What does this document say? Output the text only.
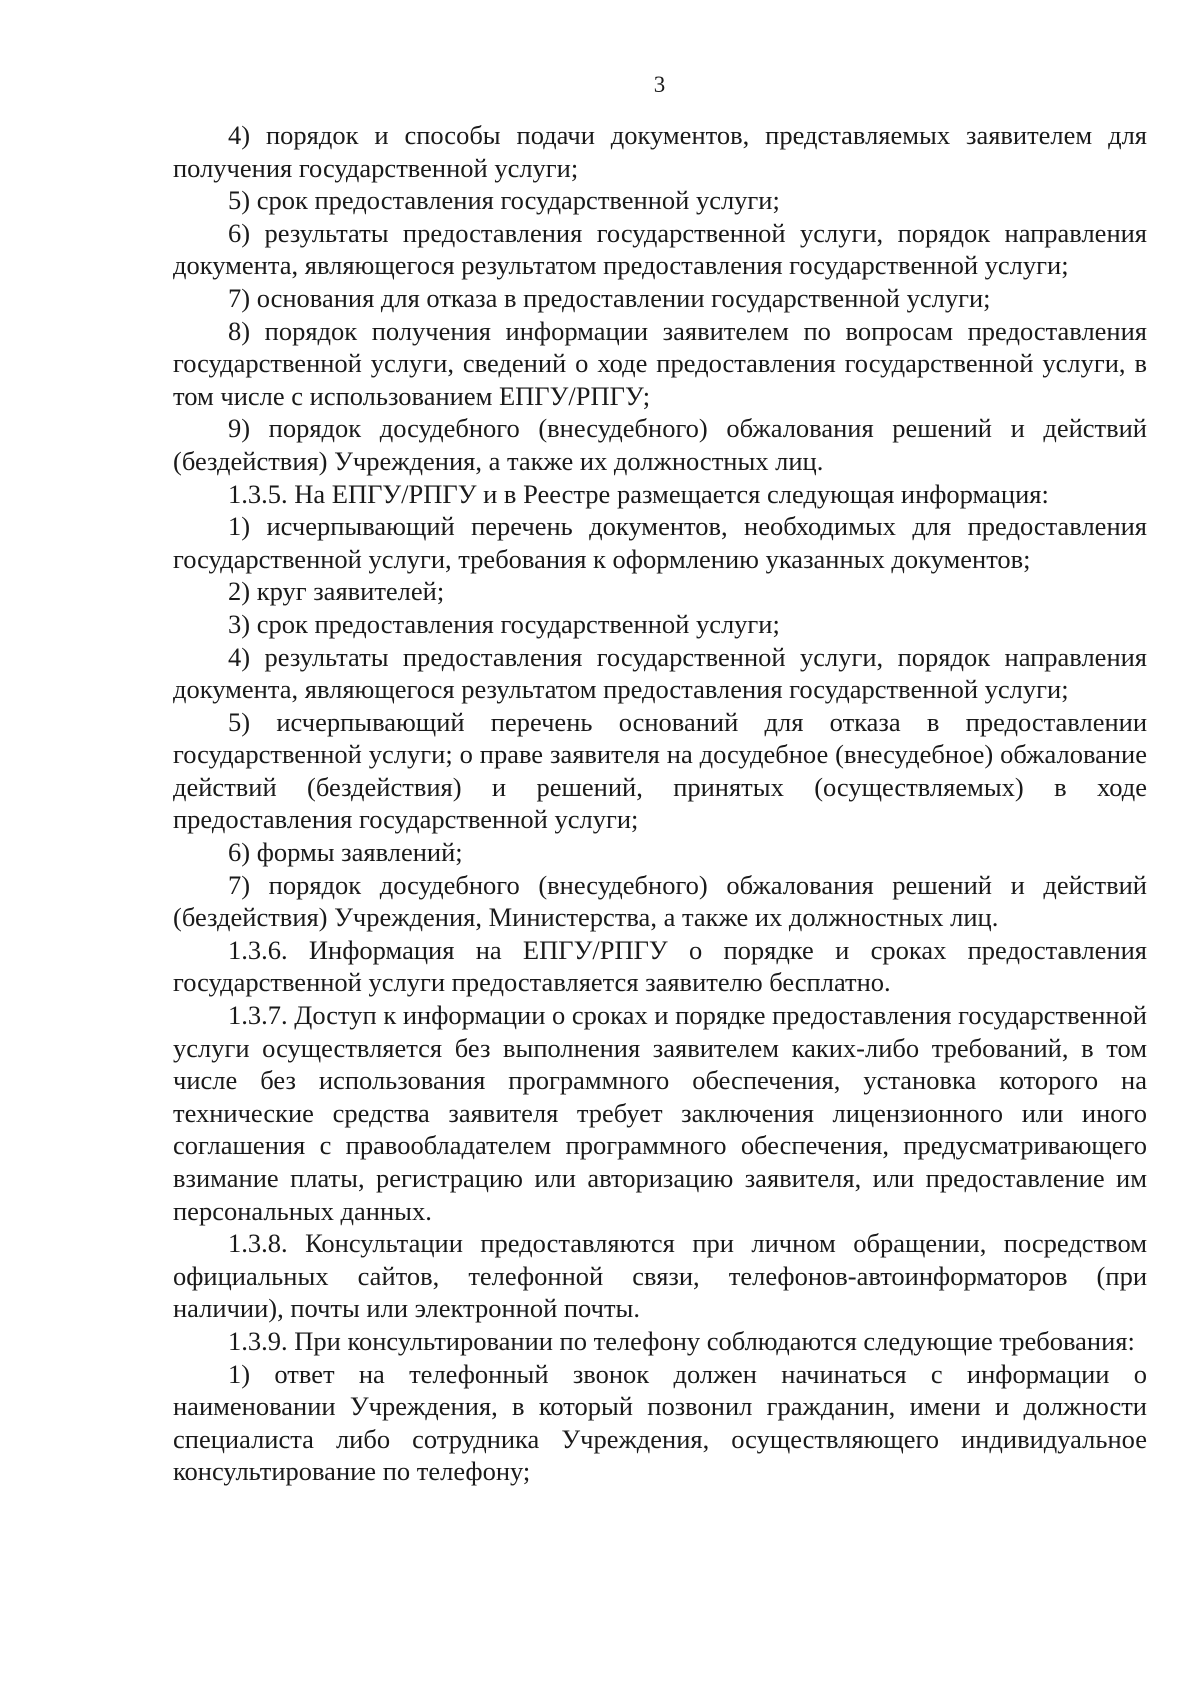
3

4) порядок и способы подачи документов, представляемых заявителем для получения государственной услуги;

5) срок предоставления государственной услуги;

6) результаты предоставления государственной услуги, порядок направления документа, являющегося результатом предоставления государственной услуги;

7) основания для отказа в предоставлении государственной услуги;

8) порядок получения информации заявителем по вопросам предоставления государственной услуги, сведений о ходе предоставления государственной услуги, в том числе с использованием ЕПГУ/РПГУ;

9) порядок досудебного (внесудебного) обжалования решений и действий (бездействия) Учреждения, а также их должностных лиц.

1.3.5. На ЕПГУ/РПГУ и в Реестре размещается следующая информация:

1) исчерпывающий перечень документов, необходимых для предоставления государственной услуги, требования к оформлению указанных документов;

2) круг заявителей;

3) срок предоставления государственной услуги;

4) результаты предоставления государственной услуги, порядок направления документа, являющегося результатом предоставления государственной услуги;

5) исчерпывающий перечень оснований для отказа в предоставлении государственной услуги; о праве заявителя на досудебное (внесудебное) обжалование действий (бездействия) и решений, принятых (осуществляемых) в ходе предоставления государственной услуги;

6) формы заявлений;

7) порядок досудебного (внесудебного) обжалования решений и действий (бездействия) Учреждения, Министерства, а также их должностных лиц.

1.3.6. Информация на ЕПГУ/РПГУ о порядке и сроках предоставления государственной услуги предоставляется заявителю бесплатно.

1.3.7. Доступ к информации о сроках и порядке предоставления государственной услуги осуществляется без выполнения заявителем каких-либо требований, в том числе без использования программного обеспечения, установка которого на технические средства заявителя требует заключения лицензионного или иного соглашения с правообладателем программного обеспечения, предусматривающего взимание платы, регистрацию или авторизацию заявителя, или предоставление им персональных данных.

1.3.8. Консультации предоставляются при личном обращении, посредством официальных сайтов, телефонной связи, телефонов-автоинформаторов (при наличии), почты или электронной почты.

1.3.9. При консультировании по телефону соблюдаются следующие требования:

1) ответ на телефонный звонок должен начинаться с информации о наименовании Учреждения, в который позвонил гражданин, имени и должности специалиста либо сотрудника Учреждения, осуществляющего индивидуальное консультирование по телефону;
